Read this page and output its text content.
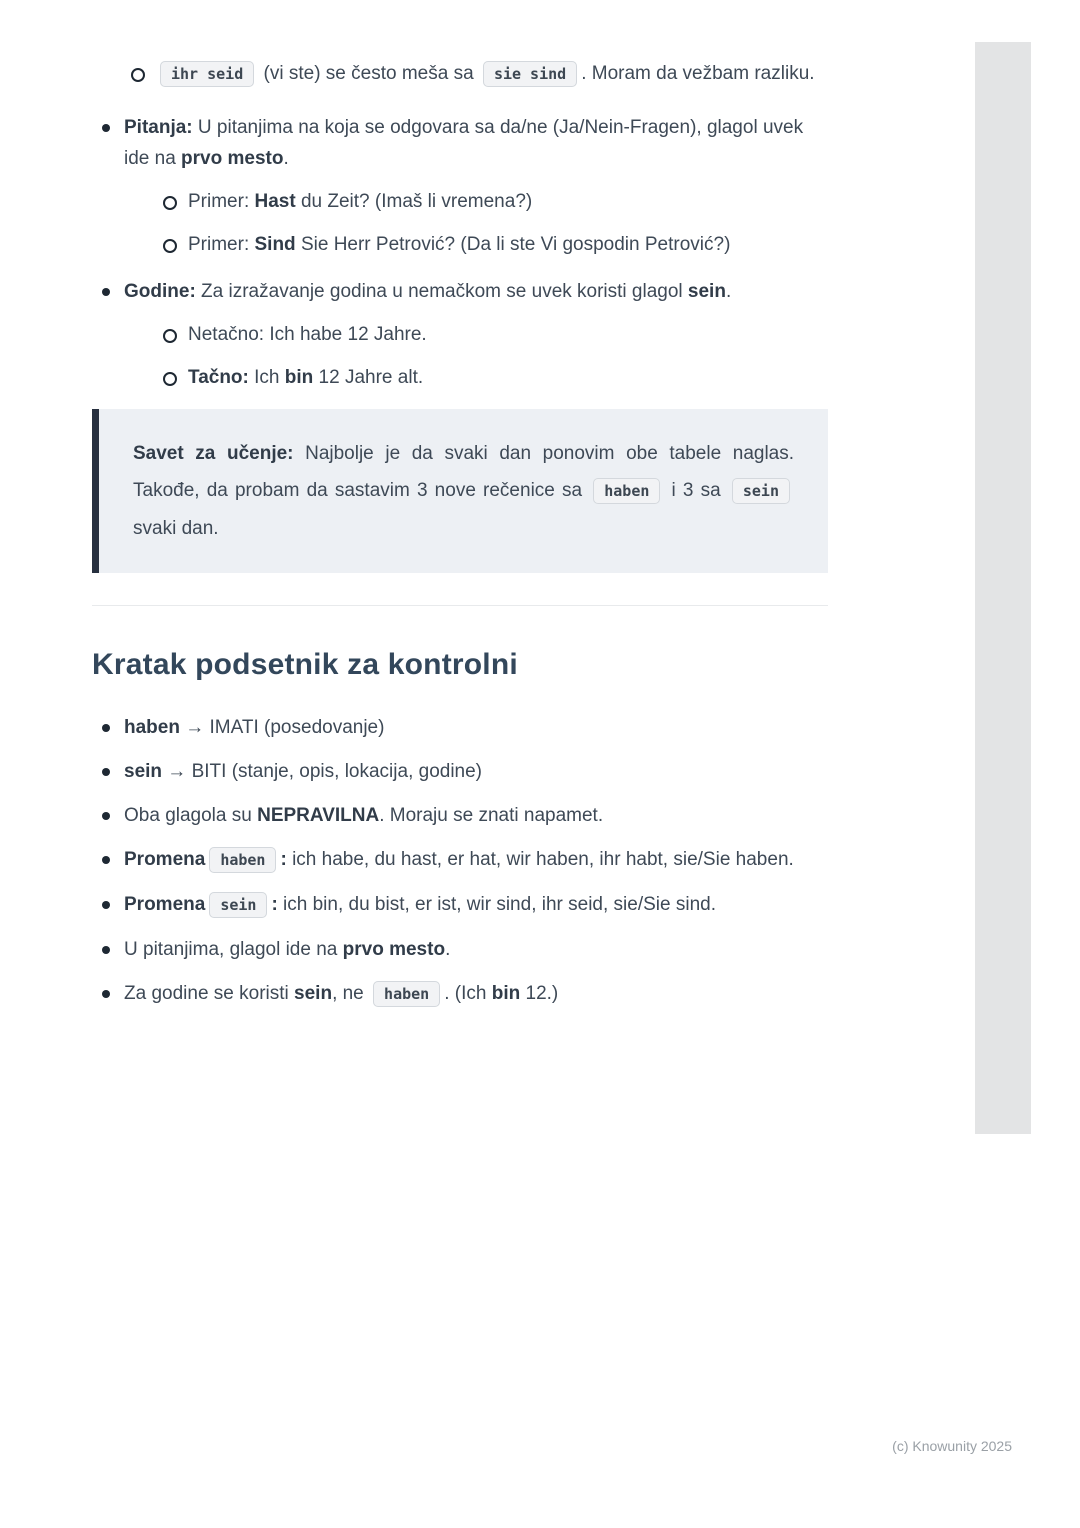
ihr seid (vi ste) se često meša sa sie sind . Moram da vežbam razliku.
Pitanja: U pitanjima na koja se odgovara sa da/ne (Ja/Nein-Fragen), glagol uvek ide na prvo mesto.
Primer: Hast du Zeit? (Imaš li vremena?)
Primer: Sind Sie Herr Petrović? (Da li ste Vi gospodin Petrović?)
Godine: Za izražavanje godina u nemačkom se uvek koristi glagol sein.
Netačno: Ich habe 12 Jahre.
Tačno: Ich bin 12 Jahre alt.
Savet za učenje: Najbolje je da svaki dan ponovim obe tabele naglas. Takođe, da probam da sastavim 3 nove rečenice sa haben i 3 sa sein svaki dan.
Kratak podsetnik za kontrolni
haben → IMATI (posedovanje)
sein → BITI (stanje, opis, lokacija, godine)
Oba glagola su NEPRAVILNA. Moraju se znati napamet.
Promena haben : ich habe, du hast, er hat, wir haben, ihr habt, sie/Sie haben.
Promena sein : ich bin, du bist, er ist, wir sind, ihr seid, sie/Sie sind.
U pitanjima, glagol ide na prvo mesto.
Za godine se koristi sein, ne haben . (Ich bin 12.)
(c) Knowunity 2025
